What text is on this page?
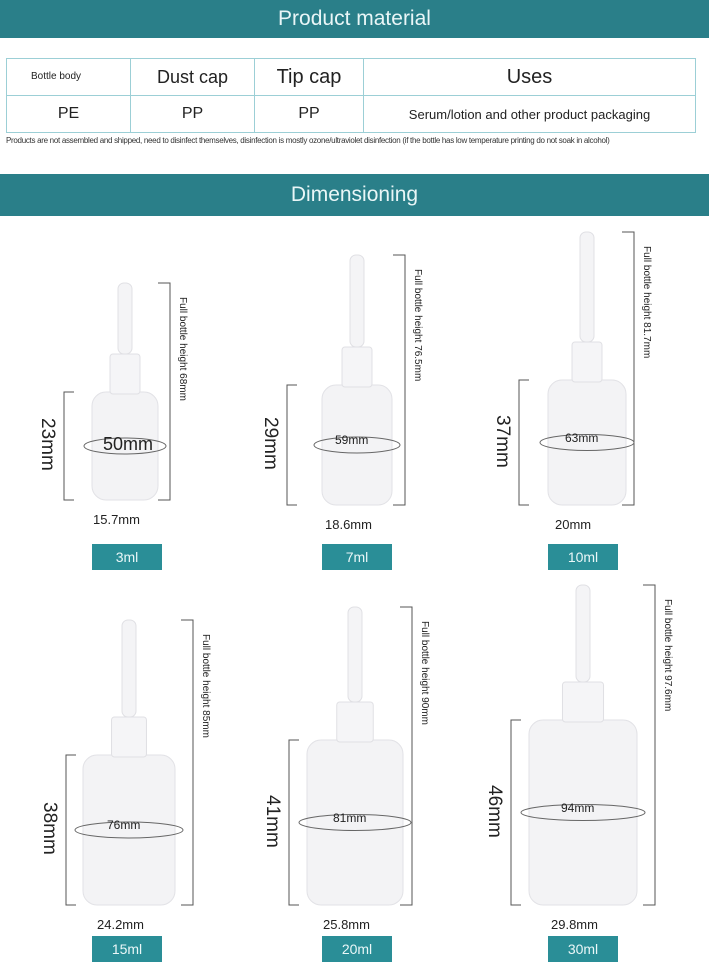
Product material
Bottle body	Dust cap	Tip cap	Uses
PE	PP	PP	Serum/lotion and other product packaging
Products are not assembled and shipped, need to disinfect themselves, disinfection is mostly ozone/ultraviolet disinfection (if the bottle has low temperature printing do not soak in alcohol)
Dimensioning
Full bottle height 68mm
23mm	50mm
15.7mm
3ml
Full bottle height 76.5mm
29mm	59mm
18.6mm
7ml
Full bottle height 81.7mm
37mm	63mm
20mm
10ml
Full bottle height 85mm
38mm	76mm
24.2mm
15ml
Full bottle height 90mm
41mm	81mm
25.8mm
20ml
Full bottle height 97.6mm
46mm	94mm
29.8mm
30ml
